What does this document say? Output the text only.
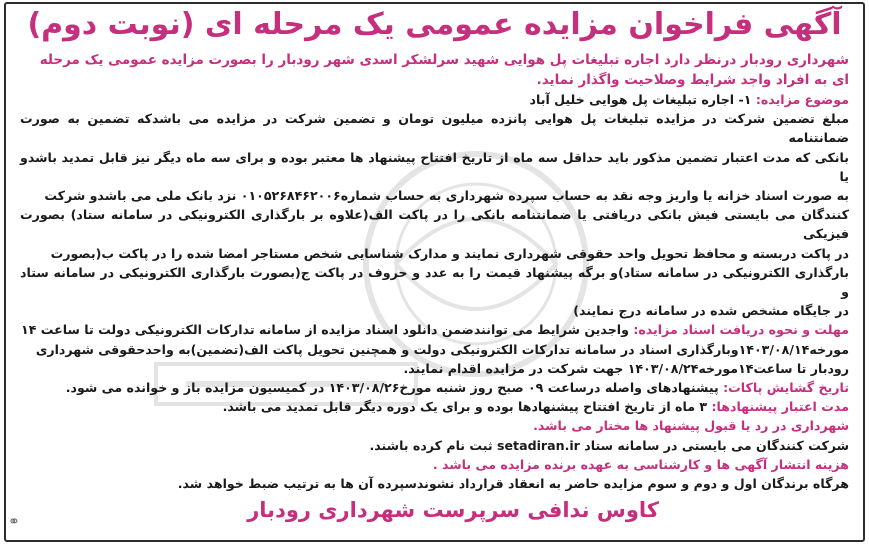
آگهی فراخوان مزایده عمومی یک مرحله ای (نوبت دوم)
شهرداری رودبار درنظر دارد اجاره تبلیغات پل هوایی شهید سرلشکر اسدی شهر رودبار را بصورت مزایده عمومی یک مرحله ای به افراد واجد شرایط وصلاحیت واگذار نماید.
موضوع مزایده: ۱- اجاره تبلیغات پل هوایی خلیل آباد
مبلغ تضمین شرکت در مزایده تبلیغات پل هوایی پانزده میلیون تومان و تضمین شرکت در مزایده می باشدکه تضمین به صورت ضمانتنامه
بانکی که مدت اعتبار تضمین مذکور باید حداقل سه ماه از تاریخ افتتاح پیشنهاد ها معتبر بوده و برای سه ماه دیگر نیز قابل تمدید باشدو یا
به صورت اسناد خزانه یا واریز وجه نقد به حساب سپرده شهرداری به حساب شماره۰۱۰۵۲۶۸۴۶۲۰۰۶ نزد بانک ملی می باشدو شرکت
کنندگان می بایستی فیش بانکی دریافتی یا ضمانتنامه بانکی را در پاکت الف(علاوه بر بارگذاری الکترونیکی در سامانه ستاد) بصورت فیزیکی
در پاکت دربسته و محافظ تحویل واحد حقوقی شهرداری نمایند و مدارک شناسایی شخص مستاجر امضا شده را در پاکت ب(بصورت
بارگذاری الکترونیکی در سامانه ستاد)و برگه پیشنهاد قیمت را به عدد و حروف در پاکت ج(بصورت بارگذاری الکترونیکی در سامانه ستاد و
در جایگاه مشخص شده در سامانه درج نمایند)
مهلت و نحوه دریافت اسناد مزایده: واجدین شرایط می توانندضمن دانلود اسناد مزایده از سامانه تدارکات الکترونیکی دولت تا ساعت ۱۴
مورخه۱۴۰۳/۰۸/۱۴وبارگذاری اسناد در سامانه تدارکات الکترونیکی دولت و همچنین تحویل پاکت الف(تضمین)به واحدحقوقی شهرداری
رودبار تا ساعت۱۴مورخه۱۴۰۳/۰۸/۲۴ جهت شرکت در مزایده اقدام نمایند.
تاریخ گشایش پاکات: پیشنهادهای واصله درساعت ۰۹ صبح روز شنبه مورخ۱۴۰۳/۰۸/۲۶ در کمیسیون مزایده باز و خوانده می شود.
مدت اعتبار پیشنهادها: ۳ ماه از تاریخ افتتاح پیشنهادها بوده و برای یک دوره دیگر قابل تمدید می باشد.
شهرداری در رد یا قبول پیشنهاد ها مختار می باشد.
شرکت کنندگان می بایستی در سامانه ستاد setadiran.ir ثبت نام کرده باشند.
هزینه انتشار آگهی ها و کارشناسی به عهده برنده مزایده می باشد .
هرگاه برندگان اول و دوم و سوم مزایده حاضر به انعقاد قرارداد نشوندسپرده آن ها به ترتیب ضبط خواهد شد.
کاوس ندافی سرپرست شهرداری رودبار
⚭
